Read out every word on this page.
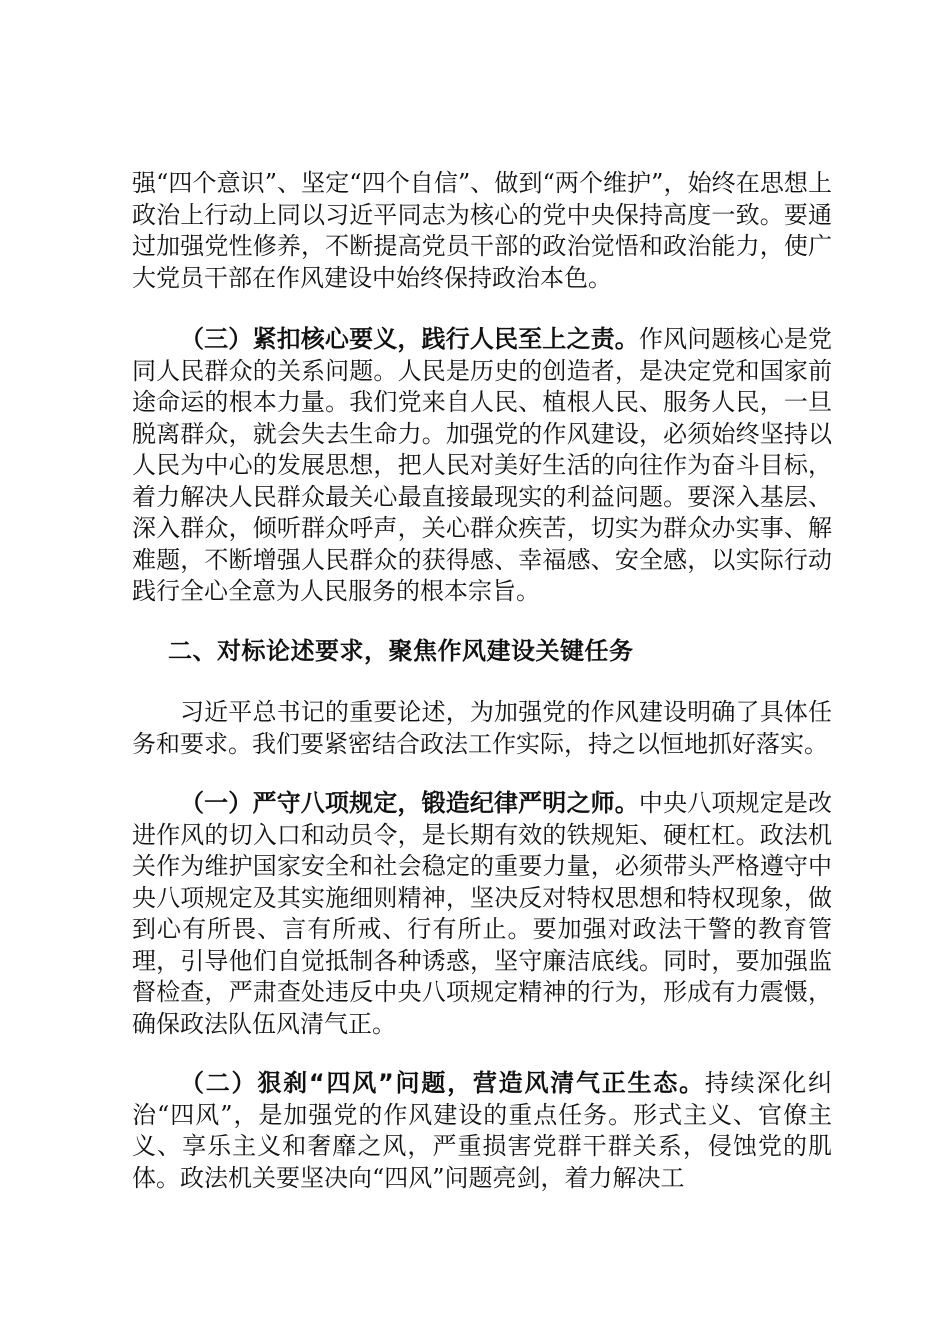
强“四个意识”、坚定“四个自信”、做到“两个维护”，始终在思想上政治上行动上同以习近平同志为核心的党中央保持高度一致。要通过加强党性修养，不断提高党员干部的政治觉悟和政治能力，使广大党员干部在作风建设中始终保持政治本色。

（三）紧扣核心要义，践行人民至上之责。作风问题核心是党同人民群众的关系问题。人民是历史的创造者，是决定党和国家前途命运的根本力量。我们党来自人民、植根人民、服务人民，一旦脱离群众，就会失去生命力。加强党的作风建设，必须始终坚持以人民为中心的发展思想，把人民对美好生活的向往作为奋斗目标，着力解决人民群众最关心最直接最现实的利益问题。要深入基层、深入群众，倾听群众呼声，关心群众疾苦，切实为群众办实事、解难题，不断增强人民群众的获得感、幸福感、安全感，以实际行动践行全心全意为人民服务的根本宗旨。

二、对标论述要求，聚焦作风建设关键任务

习近平总书记的重要论述，为加强党的作风建设明确了具体任务和要求。我们要紧密结合政法工作实际，持之以恒地抓好落实。

（一）严守八项规定，锻造纪律严明之师。中央八项规定是改进作风的切入口和动员令，是长期有效的铁规矩、硬杠杠。政法机关作为维护国家安全和社会稳定的重要力量，必须带头严格遵守中央八项规定及其实施细则精神，坚决反对特权思想和特权现象，做到心有所畏、言有所戒、行有所止。要加强对政法干警的教育管理，引导他们自觉抵制各种诱惑，坚守廉洁底线。同时，要加强监督检查，严肃查处违反中央八项规定精神的行为，形成有力震慑，确保政法队伍风清气正。

（二）狠刹“四风”问题，营造风清气正生态。持续深化纠治“四风”，是加强党的作风建设的重点任务。形式主义、官僚主义、享乐主义和奢靡之风，严重损害党群干群关系，侵蚀党的肌体。政法机关要坚决向“四风”问题亮剑，着力解决工
